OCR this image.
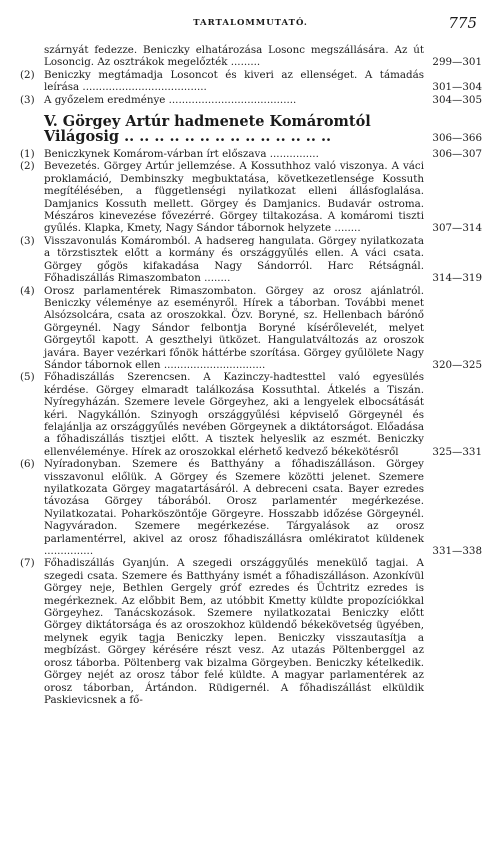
TARTALOMMUTATÓ.	775
szárnyát fedezze. Beniczky elhatározása Losonc megszállására. Az út Losoncig. Az osztrákok megelőzték .........	299—301
(2) Beniczky megtámadja Losoncot és kiveri az ellenséget. A támadás leírása ......................................	301—304
(3) A győzelem eredménye .......................................	304—305
V. Görgey Artúr hadmenete Komáromtól Világosig .. .. .. .. .. .. .. .. .. .. .. .. .. ..	306—366
(1) Beniczkynek Komárom-várban írt előszava ...............	306—307
(2) Bevezetés. Görgey Artúr jellemzése. A Kossuthhoz való viszonya. A váci proklamáció, Dembinszky megbuktatása, következetlensége Kossuth megítélésében, a függetlenségi nyilatkozat elleni állásfoglalása. Damjanics Kossuth mellett. Görgey és Damjanics. Budavár ostroma. Mészáros kinevezése fővezérré. Görgey tiltakozása. A komáromi tiszti gyűlés. Klapka, Kmety, Nagy Sándor tábornok helyzete ........	307—314
(3) Visszavonulás Komáromból. A hadsereg hangulata. Görgey nyilatkozata a törzstisztek előtt a kormány és országgyűlés ellen. A váci csata. Görgey gőgös kifakadása Nagy Sándorról. Harc Rétságnál. Főhadiszállás Rimaszombaton ........	314—319
(4) Orosz parlamentérek Rimaszombaton. Görgey az orosz ajánlatról. Beniczky véleménye az eseményről. Hírek a táborban. További menet Alsózsolcára, csata az oroszokkal. Özv. Boryné, sz. Hellenbach bárónő Görgeynél. Nagy Sándor felbontja Boryné kísérőlevelét, melyet Görgeytől kapott. A geszthelyi ütközet. Hangulatváltozás az oroszok javára. Bayer vezérkari főnök háttérbe szorítása. Görgey gyűlölete Nagy Sándor tábornok ellen ...............................	320—325
(5) Főhadiszállás Szerencsen. A Kazinczy-hadtesttel való egyesülés kérdése. Görgey elmaradt találkozása Kossuthtal. Átkelés a Tiszán. Nyíregyházán. Szemere levele Görgeyhez, aki a lengyelek elbocsátását kéri. Nagykállón. Szinyogh országgyűlési képviselő Görgeynél és felajánlja az országgyűlés nevében Görgeynek a diktátorságot. Előadása a főhadiszállás tisztjei előtt. A tisztek helyeslik az eszmét. Beniczky ellenvéleménye. Hírek az oroszokkal elérhető kedvező békekötésről	325—331
(6) Nyíradonyban. Szemere és Batthyány a főhadiszálláson. Görgey visszavonul előlük. A Görgey és Szemere közötti jelenet. Szemere nyilatkozata Görgey magatartásáról. A debreceni csata. Bayer ezredes távozása Görgey táborából. Orosz parlamentér megérkezése. Nyilatkozatai. Poharköszöntője Görgeyre. Hosszabb időzése Görgeynél. Nagyváradon. Szemere megérkezése. Tárgyalások az orosz parlamentérrel, akivel az orosz főhadiszállásra omlékiratot küldenek ...............	331—338
(7) Főhadiszállás Gyanjún. A szegedi országgyűlés menekülő tagjai. A szegedi csata. Szemere és Batthyány ismét a főhadiszálláson. Azonkívül Görgey neje, Bethlen Gergely gróf ezredes és Üchtritz ezredes is megérkeznek. Az előbbit Bem, az utóbbit Kmetty küldte propozíciókkal Görgeyhez. Tanácskozások. Szemere nyilatkozatai Beniczky előtt Görgey diktátorsága és az oroszokhoz küldendő békekövetség ügyében, melynek egyik tagja Beniczky lepen. Beniczky visszautasítja a megbízást. Görgey kérésére részt vesz. Az utazás Pöltenberggel az orosz táborba. Pöltenberg vak bizalma Görgeyben. Beniczky kételkedik. Görgey nejét az orosz tábor felé küldte. A magyar parlamentérek az orosz táborban, Ártándon. Rüdigernél. A főhadiszállást elküldik Paskievicsnek a fő-
